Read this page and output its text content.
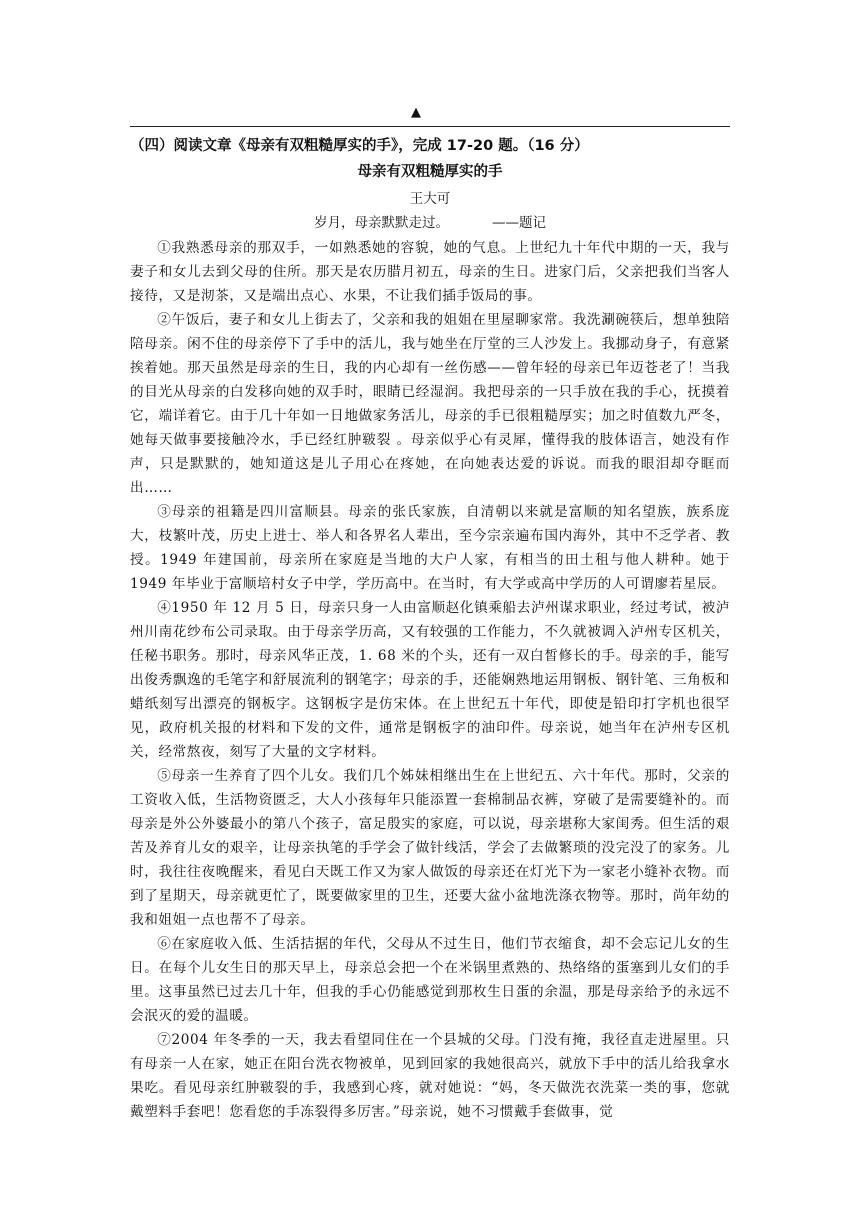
▲
（四）阅读文章《母亲有双粗糙厚实的手》，完成 17-20 题。（16 分）
母亲有双粗糙厚实的手
王大可
岁月，母亲默默走过。          ——题记

①我熟悉母亲的那双手，一如熟悉她的容貌，她的气息。上世纪九十年代中期的一天，我与妻子和女儿去到父母的住所。那天是农历腊月初五，母亲的生日。进家门后，父亲把我们当客人接待，又是沏茶，又是端出点心、水果，不让我们插手饭局的事。

②午饭后，妻子和女儿上街去了，父亲和我的姐姐在里屋聊家常。我洗涮碗筷后，想单独陪陪母亲。闲不住的母亲停下了手中的活儿，我与她坐在厅堂的三人沙发上。我挪动身子，有意紧挨着她。那天虽然是母亲的生日，我的内心却有一丝伤感——曾年轻的母亲已年迈苍老了！当我的目光从母亲的白发移向她的双手时，眼睛已经湿润。我把母亲的一只手放在我的手心，抚摸着它，端详着它。由于几十年如一日地做家务活儿，母亲的手已很粗糙厚实；加之时值数九严冬，她每天做事要接触冷水，手已经红肿皲裂 。母亲似乎心有灵犀，懂得我的肢体语言，她没有作声，只是默默的，她知道这是儿子用心在疼她，在向她表达爱的诉说。而我的眼泪却夺眶而出……

③母亲的祖籍是四川富顺县。母亲的张氏家族，自清朝以来就是富顺的知名望族，族系庞大，枝繁叶茂，历史上进士、举人和各界名人辈出，至今宗亲遍布国内海外，其中不乏学者、教授。1949 年建国前，母亲所在家庭是当地的大户人家，有相当的田土租与他人耕种。她于 1949 年毕业于富顺培村女子中学，学历高中。在当时，有大学或高中学历的人可谓廖若星辰。

④1950 年 12 月 5 日，母亲只身一人由富顺赵化镇乘船去泸州谋求职业，经过考试，被泸州川南花纱布公司录取。由于母亲学历高，又有较强的工作能力，不久就被调入泸州专区机关，任秘书职务。那时，母亲风华正茂，1. 68 米的个头，还有一双白皙修长的手。母亲的手，能写出俊秀飘逸的毛笔字和舒展流利的钢笔字；母亲的手，还能娴熟地运用钢板、钢针笔、三角板和蜡纸刻写出漂亮的钢板字。这钢板字是仿宋体。在上世纪五十年代，即使是铅印打字机也很罕见，政府机关报的材料和下发的文件，通常是钢板字的油印件。母亲说，她当年在泸州专区机关，经常熬夜，刻写了大量的文字材料。

⑤母亲一生养育了四个儿女。我们几个姊妹相继出生在上世纪五、六十年代。那时，父亲的工资收入低，生活物资匮乏，大人小孩每年只能添置一套棉制品衣裤，穿破了是需要缝补的。而母亲是外公外婆最小的第八个孩子，富足殷实的家庭，可以说，母亲堪称大家闺秀。但生活的艰苦及养育儿女的艰辛，让母亲执笔的手学会了做针线活，学会了去做繁琐的没完没了的家务。儿时，我往往夜晚醒来，看见白天既工作又为家人做饭的母亲还在灯光下为一家老小缝补衣物。而到了星期天，母亲就更忙了，既要做家里的卫生，还要大盆小盆地洗涤衣物等。那时，尚年幼的我和姐姐一点也帮不了母亲。

⑥在家庭收入低、生活拮据的年代，父母从不过生日，他们节衣缩食，却不会忘记儿女的生日。在每个儿女生日的那天早上，母亲总会把一个在米锅里煮熟的、热络络的蛋塞到儿女们的手里。这事虽然已过去几十年，但我的手心仍能感觉到那枚生日蛋的余温，那是母亲给予的永远不会泯灭的爱的温暖。

⑦2004 年冬季的一天，我去看望同住在一个县城的父母。门没有掩，我径直走进屋里。只有母亲一人在家，她正在阳台洗衣物被单，见到回家的我她很高兴，就放下手中的活儿给我拿水果吃。看见母亲红肿皲裂的手，我感到心疼，就对她说：“妈，冬天做洗衣洗菜一类的事，您就戴塑料手套吧！您看您的手冻裂得多厉害。”母亲说，她不习惯戴手套做事，觉
